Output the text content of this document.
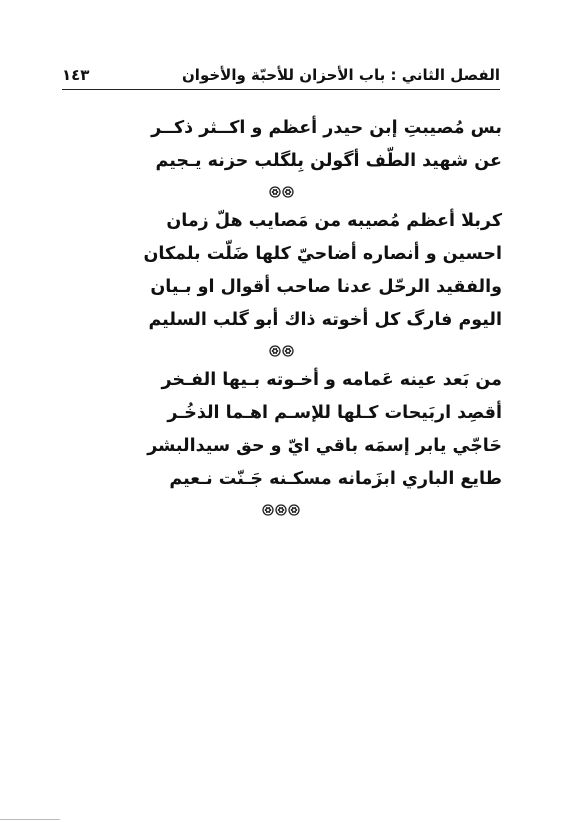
الفصل الثاني : باب الأحزان للأحبّة والأخوان
١٤٣
بس مُصيبتِ إبن حيدر أعظم و اكــثر ذكــر
عن شهيد الطّف أگولن بِلگلب حزنه يـجيم
كربلا أعظم مُصيبه من مَصايب هلّ زمان
احسين و أنصاره أضاحيّ كلها ضَلّت بلمكان
والفقيد الرحّل عدنا صاحب أقوال او بـيان
اليوم فارگ كل أخوته ذاك أبو گلب السليم
من بَعد عينه عَمامه و أخـوته بـيها الفـخر
أقصِد اربَيحات كـلها للإسـم اهـما الذخُـر
حَاجّي يابر إسمَه باقي ايّ و حق سيدالبشر
طايع الباري ابزَمانه مسكـنه جَـنّت نـعيم
